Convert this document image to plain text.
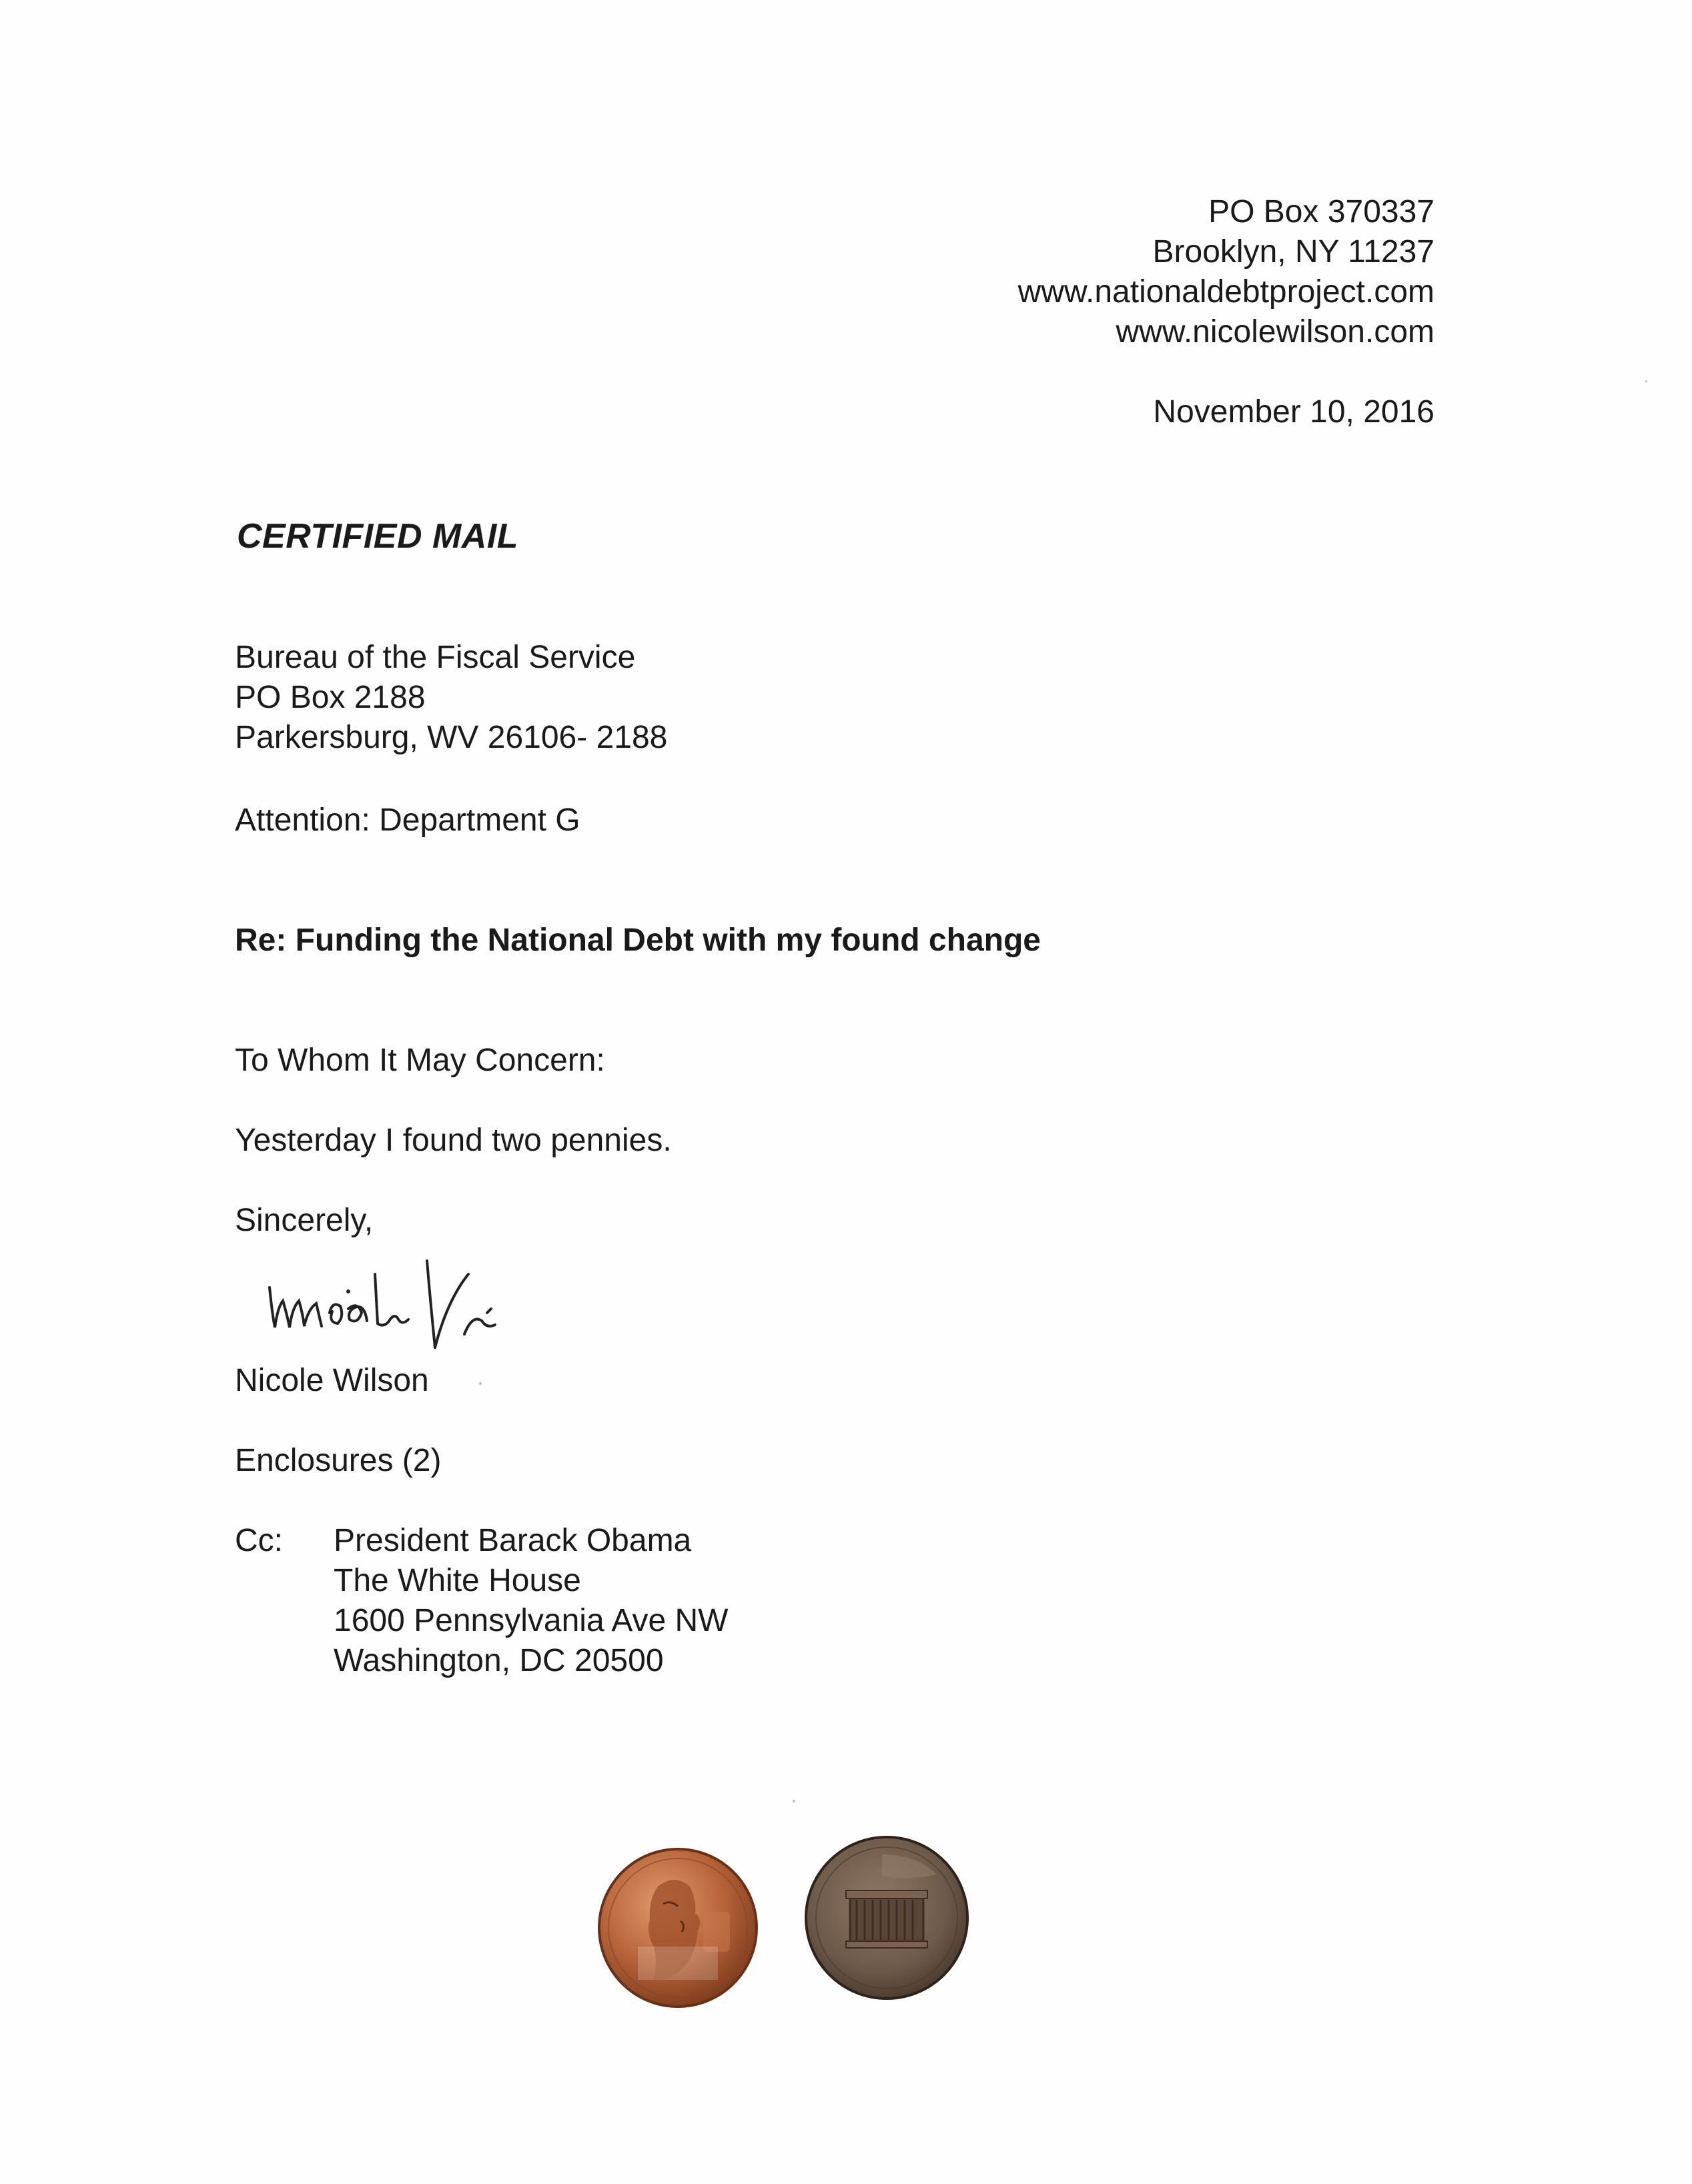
PO Box 370337
Brooklyn, NY 11237
www.nationaldebtproject.com
www.nicolewilson.com
November 10, 2016
CERTIFIED MAIL
Bureau of the Fiscal Service
PO Box 2188
Parkersburg, WV 26106- 2188
Attention: Department G
Re: Funding the National Debt with my found change
To Whom It May Concern:
Yesterday I found two pennies.
Sincerely,
Nicole Wilson
Enclosures (2)
Cc: President Barack Obama
The White House
1600 Pennsylvania Ave NW
Washington, DC 20500
